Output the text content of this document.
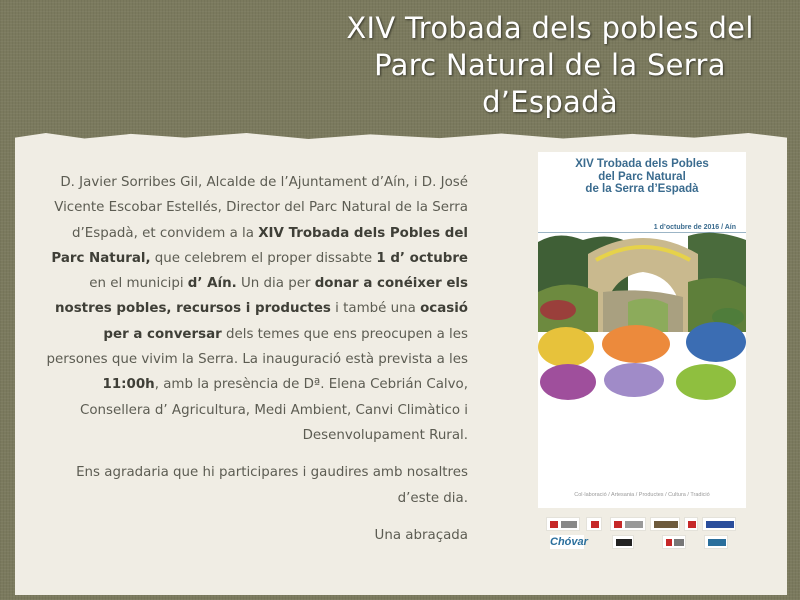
XIV Trobada dels pobles del
Parc Natural de la Serra
d’Espadà

D. Javier Sorribes Gil, Alcalde de l’Ajuntament d’Aín, i D. José Vicente Escobar Estellés, Director del Parc Natural de la Serra d’Espadà, et convidem a la XIV Trobada dels Pobles del Parc Natural, que celebrem el proper dissabte 1 d’ octubre en el municipi d’ Aín. Un dia per donar a conéixer els nostres pobles, recursos i productes i també una ocasió per a conversar dels temes que ens preocupen a les persones que vivim la Serra. La inauguració està prevista a les 11:00h, amb la presència de Dª. Elena Cebrián Calvo, Consellera d’ Agricultura, Medi Ambient, Canvi Climàtico i Desenvolupament Rural.

Ens agradaria que hi participares i gaudires amb nosaltres d’este dia.

Una abraçada

XIV Trobada dels Pobles
del Parc Natural
de la Serra d’Espadà
1 d’octubre de 2016 / Aín
Col·laboració / Artesania / Productes / Cultura / Tradició
Chóvar
